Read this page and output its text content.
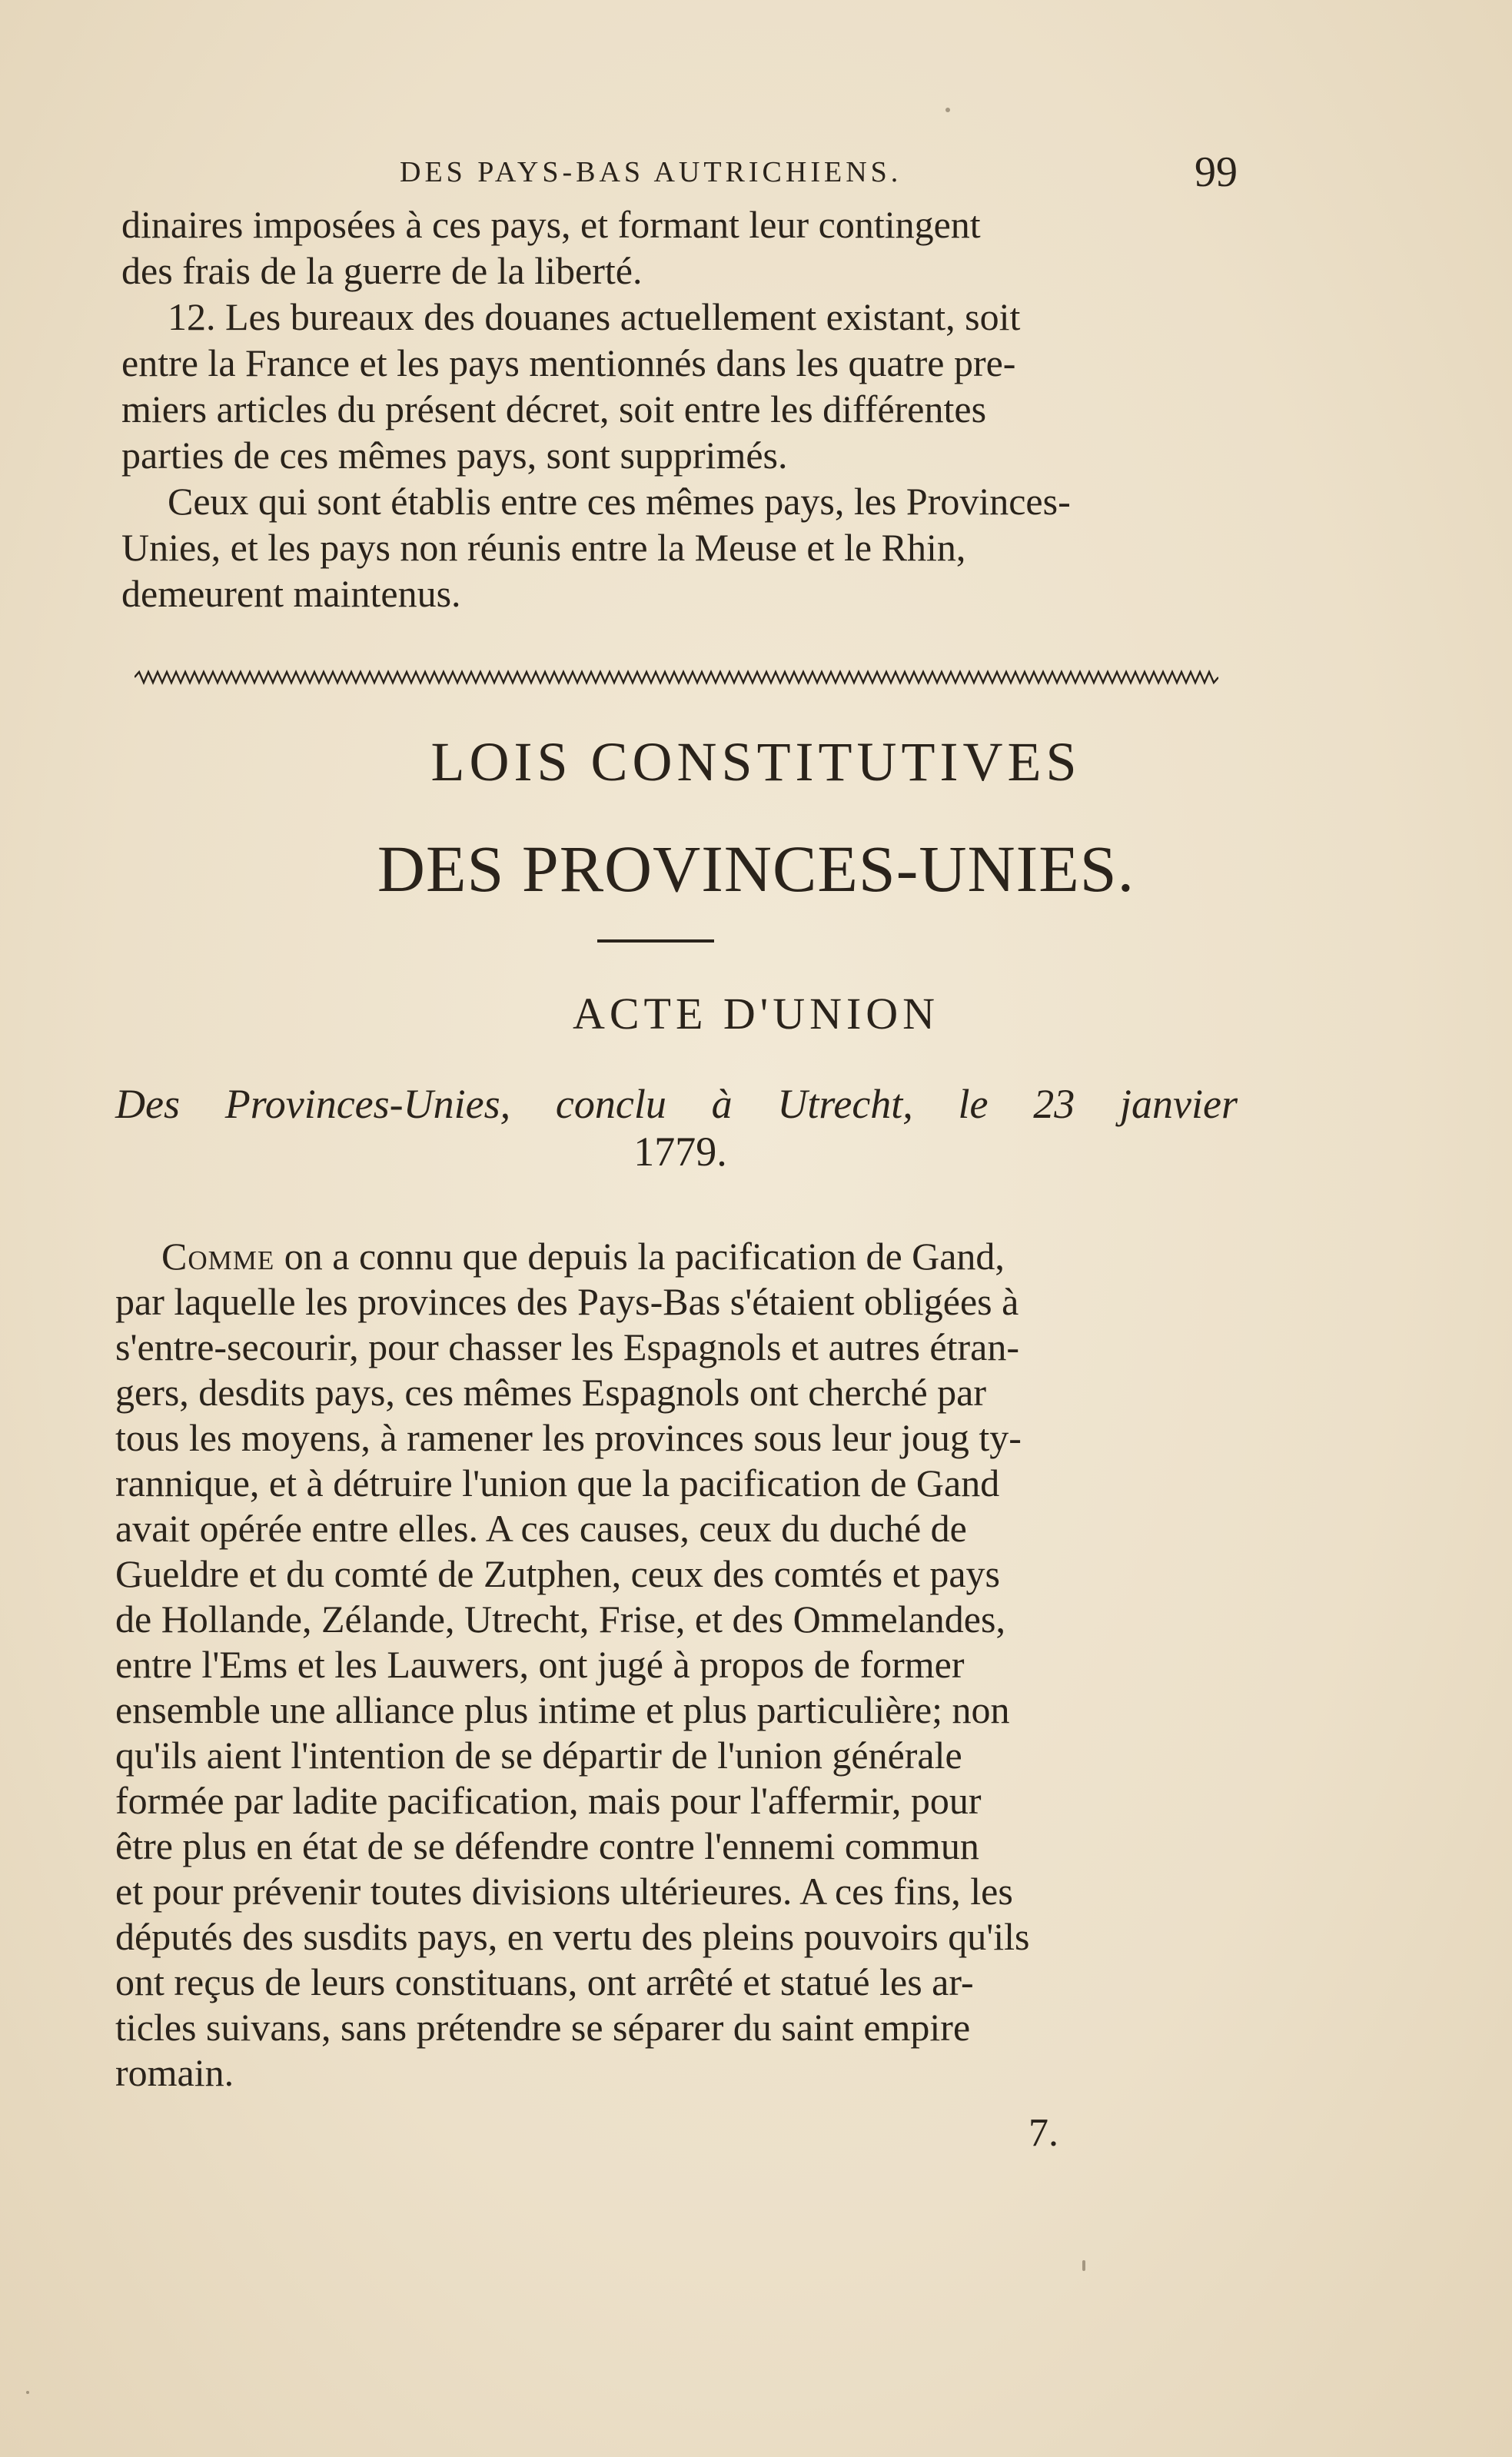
DES PAYS-BAS AUTRICHIENS.	99
dinaires imposées à ces pays, et formant leur contingent
des frais de la guerre de la liberté.
12. Les bureaux des douanes actuellement existant, soit
entre la France et les pays mentionnés dans les quatre pre-
miers articles du présent décret, soit entre les différentes
parties de ces mêmes pays, sont supprimés.
Ceux qui sont établis entre ces mêmes pays, les Provinces-
Unies, et les pays non réunis entre la Meuse et le Rhin,
demeurent maintenus.
LOIS CONSTITUTIVES
DES PROVINCES-UNIES.
ACTE D'UNION
Des Provinces-Unies, conclu à Utrecht, le 23 janvier
1779.
Comme on a connu que depuis la pacification de Gand,
par laquelle les provinces des Pays-Bas s'étaient obligées à
s'entre-secourir, pour chasser les Espagnols et autres étran-
gers, desdits pays, ces mêmes Espagnols ont cherché par
tous les moyens, à ramener les provinces sous leur joug ty-
rannique, et à détruire l'union que la pacification de Gand
avait opérée entre elles. A ces causes, ceux du duché de
Gueldre et du comté de Zutphen, ceux des comtés et pays
de Hollande, Zélande, Utrecht, Frise, et des Ommelandes,
entre l'Ems et les Lauwers, ont jugé à propos de former
ensemble une alliance plus intime et plus particulière; non
qu'ils aient l'intention de se départir de l'union générale
formée par ladite pacification, mais pour l'affermir, pour
être plus en état de se défendre contre l'ennemi commun
et pour prévenir toutes divisions ultérieures. A ces fins, les
députés des susdits pays, en vertu des pleins pouvoirs qu'ils
ont reçus de leurs constituans, ont arrêté et statué les ar-
ticles suivans, sans prétendre se séparer du saint empire
romain.
7.
